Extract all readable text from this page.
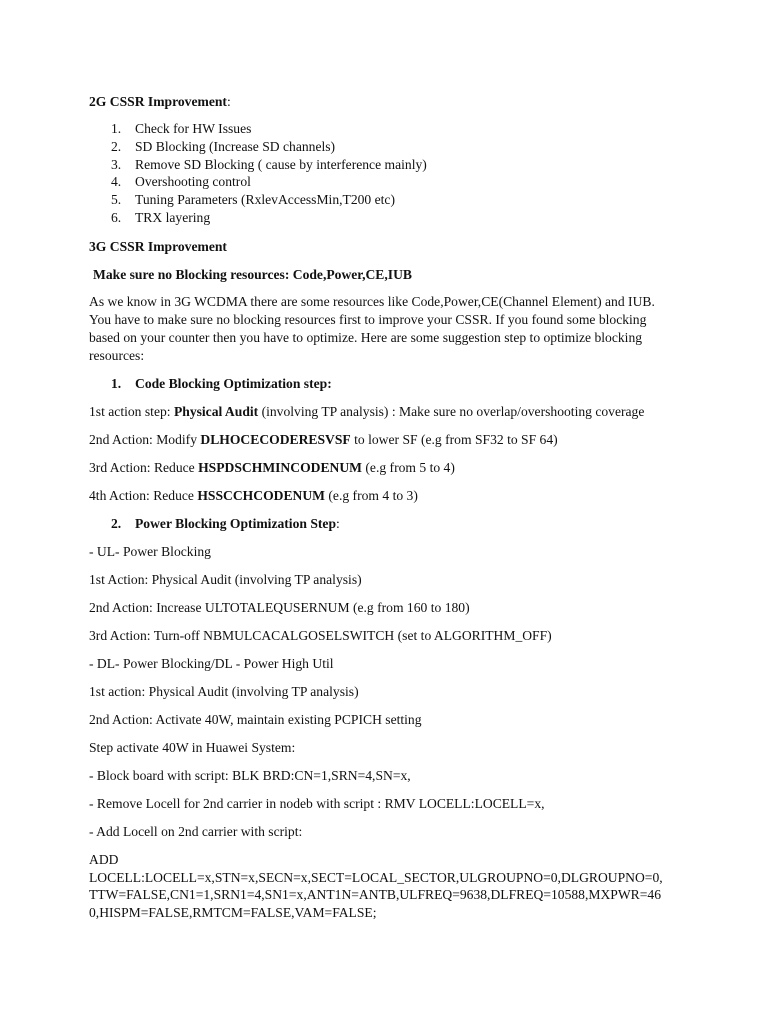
2G CSSR Improvement:
1. Check for HW Issues
2. SD Blocking (Increase SD channels)
3. Remove SD Blocking ( cause by interference mainly)
4. Overshooting control
5. Tuning Parameters (RxlevAccessMin,T200 etc)
6. TRX layering
3G CSSR Improvement
Make sure no Blocking resources: Code,Power,CE,IUB
As we know in 3G WCDMA there are some resources like Code,Power,CE(Channel Element) and IUB. You have to make sure no blocking resources first to improve your CSSR. If you found some blocking based on your counter then you have to optimize. Here are some suggestion step to optimize blocking resources:
1. Code Blocking Optimization step:
1st action step: Physical Audit (involving TP analysis) : Make sure no overlap/overshooting coverage
2nd Action: Modify DLHOCECODERESVSF to lower SF (e.g from SF32 to SF 64)
3rd Action: Reduce HSPDSCHMINCODENUM (e.g from 5 to 4)
4th Action: Reduce HSSCCHCODENUM (e.g from 4 to 3)
2. Power Blocking Optimization Step:
- UL- Power Blocking
1st Action: Physical Audit (involving TP analysis)
2nd Action: Increase ULTOTALEQUSERNUM (e.g from 160 to 180)
3rd Action: Turn-off NBMULCACALGOSELSWITCH (set to ALGORITHM_OFF)
- DL- Power Blocking/DL - Power High Util
1st action: Physical Audit (involving TP analysis)
2nd Action: Activate 40W, maintain existing PCPICH setting
Step activate 40W in Huawei System:
- Block board with script: BLK BRD:CN=1,SRN=4,SN=x,
- Remove Locell for 2nd carrier in nodeb with script : RMV LOCELL:LOCELL=x,
- Add Locell on 2nd carrier with script:
ADD
LOCELL:LOCELL=x,STN=x,SECN=x,SECT=LOCAL_SECTOR,ULGROUPNO=0,DLGROUPNO=0,
TTW=FALSE,CN1=1,SRN1=4,SN1=x,ANT1N=ANTB,ULFREQ=9638,DLFREQ=10588,MXPWR=46
0,HISPM=FALSE,RMTCM=FALSE,VAM=FALSE;
